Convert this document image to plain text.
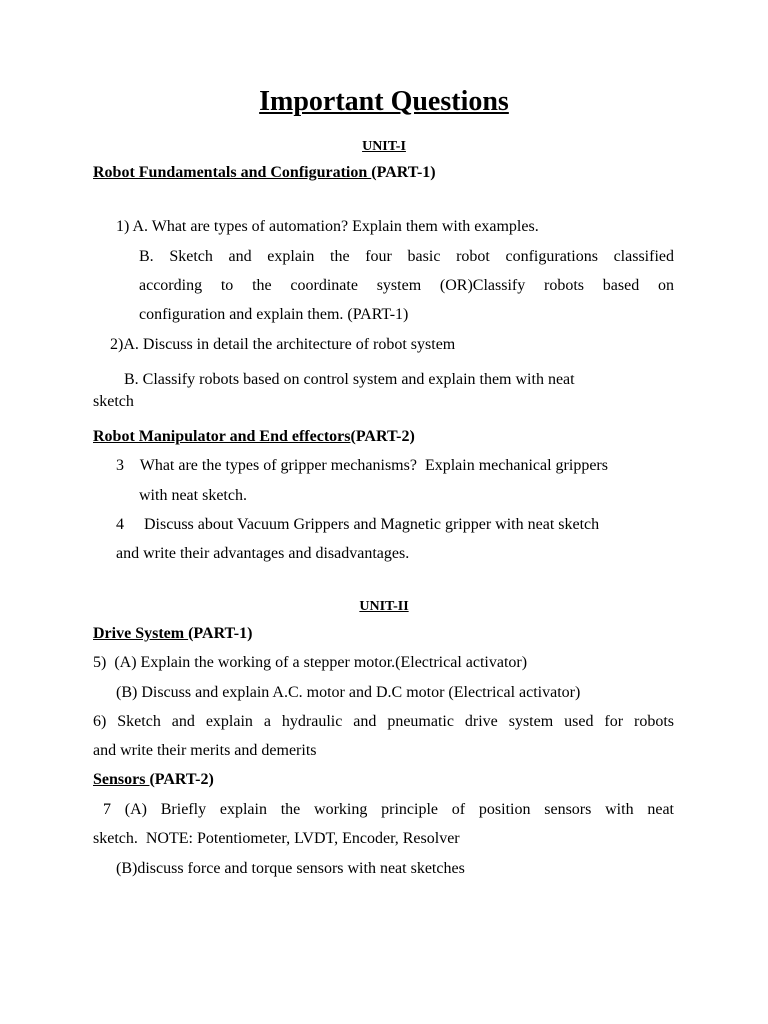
Important Questions
UNIT-I
Robot Fundamentals and Configuration (PART-1)
1) A. What are types of automation? Explain them with examples.
B. Sketch and explain the four basic robot configurations classified
according to the coordinate system (OR)Classify robots based on
configuration and explain them. (PART-1)
2)A. Discuss in detail the architecture of robot system
B. Classify robots based on control system and explain them with neat
sketch
Robot Manipulator and End effectors(PART-2)
3    What are the types of gripper mechanisms?  Explain mechanical grippers
with neat sketch.
4     Discuss about Vacuum Grippers and Magnetic gripper with neat sketch
and write their advantages and disadvantages.
UNIT-II
Drive System (PART-1)
5)  (A) Explain the working of a stepper motor.(Electrical activator)
(B) Discuss and explain A.C. motor and D.C motor (Electrical activator)
6) Sketch and explain a hydraulic and pneumatic drive system used for robots
and write their merits and demerits
Sensors (PART-2)
7 (A) Briefly explain the working principle of position sensors with neat
sketch.  NOTE: Potentiometer, LVDT, Encoder, Resolver
(B)discuss force and torque sensors with neat sketches
